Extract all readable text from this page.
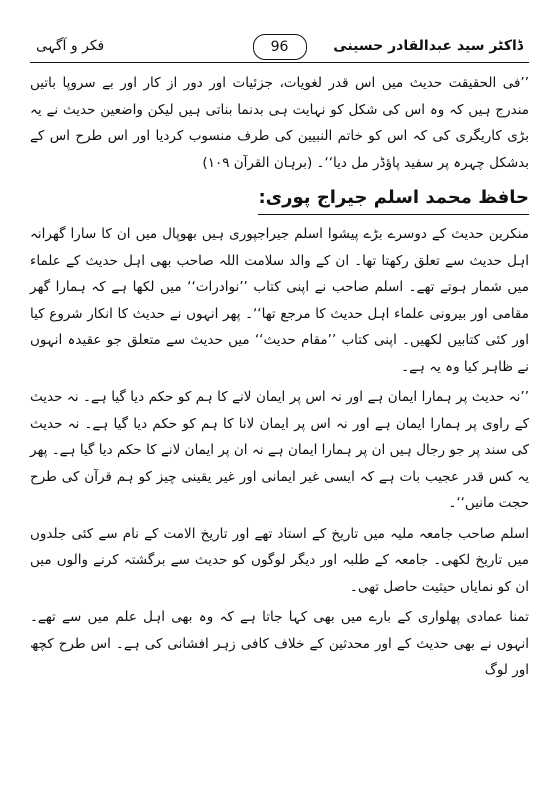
فکر و آگہی	96	ڈاکٹر سید عبدالقادر حسینی

’’فی الحقیقت حدیث میں اس قدر لغویات، جزئیات اور دور از کار اور بے سروپا باتیں مندرج ہیں کہ وہ اس کی شکل کو نہایت ہی بدنما بناتی ہیں لیکن واضعین حدیث نے یہ بڑی کاریگری کی کہ اس کو خاتم النبیین کی طرف منسوب کردیا اور اس طرح اس کے بدشکل چہرہ پر سفید پاؤڈر مل دیا‘‘۔ (برہان القرآن ۱۰۹)

حافظ محمد اسلم جیراج پوری:

منکرین حدیث کے دوسرے بڑے پیشوا اسلم جیراجپوری ہیں بھوپال میں ان کا سارا گھرانہ اہل حدیث سے تعلق رکھتا تھا۔ ان کے والد سلامت اللہ صاحب بھی اہل حدیث کے علماء میں شمار ہوتے تھے۔ اسلم صاحب نے اپنی کتاب ’’نوادرات‘‘ میں لکھا ہے کہ ہمارا گھر مقامی اور بیرونی علماء اہل حدیث کا مرجع تھا‘‘۔ پھر انہوں نے حدیث کا انکار شروع کیا اور کئی کتابیں لکھیں۔ اپنی کتاب ’’مقام حدیث‘‘ میں حدیث سے متعلق جو عقیدہ انہوں نے ظاہر کیا وہ یہ ہے۔

’’نہ حدیث پر ہمارا ایمان ہے اور نہ اس پر ایمان لانے کا ہم کو حکم دیا گیا ہے۔ نہ حدیث کے راوی پر ہمارا ایمان ہے اور نہ اس پر ایمان لانا کا ہم کو حکم دیا گیا ہے۔ نہ حدیث کی سند پر جو رجال ہیں ان پر ہمارا ایمان ہے نہ ان پر ایمان لانے کا حکم دیا گیا ہے۔ پھر یہ کس قدر عجیب بات ہے کہ ایسی غیر ایمانی اور غیر یقینی چیز کو ہم قرآن کی طرح حجت مانیں‘‘۔

اسلم صاحب جامعہ ملیہ میں تاریخ کے استاد تھے اور تاریخ الامت کے نام سے کئی جلدوں میں تاریخ لکھی۔ جامعہ کے طلبہ اور دیگر لوگوں کو حدیث سے برگشتہ کرنے والوں میں ان کو نمایاں حیثیت حاصل تھی۔

تمنا عمادی پھلواری کے بارے میں بھی کہا جاتا ہے کہ وہ بھی اہل علم میں سے تھے۔ انہوں نے بھی حدیث کے اور محدثین کے خلاف کافی زہر افشانی کی ہے۔ اس طرح کچھ اور لوگ
